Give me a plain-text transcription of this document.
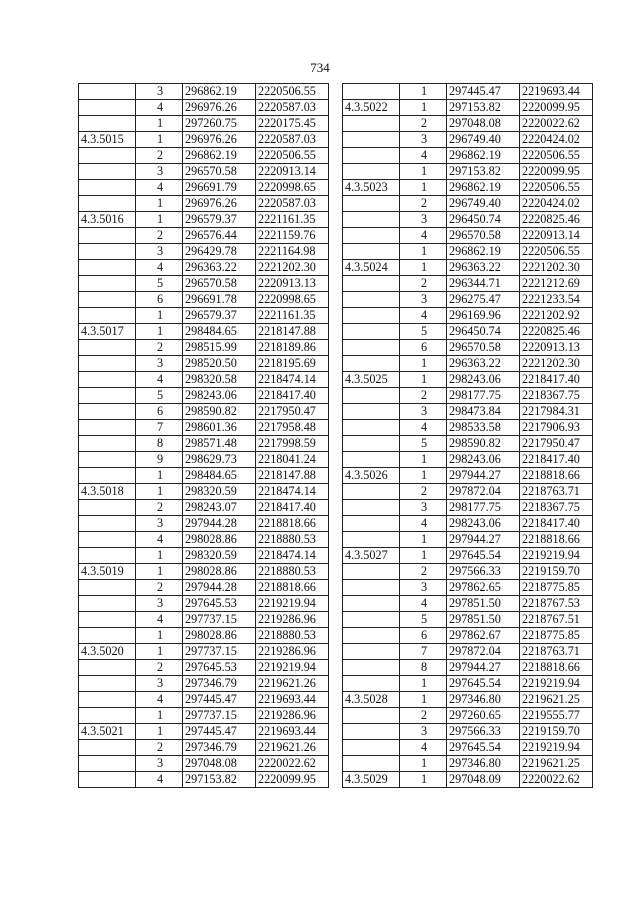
734
	3	296862.19	2220506.55
	4	296976.26	2220587.03
	1	297260.75	2220175.45
4.3.5015	1	296976.26	2220587.03
	2	296862.19	2220506.55
	3	296570.58	2220913.14
	4	296691.79	2220998.65
	1	296976.26	2220587.03
4.3.5016	1	296579.37	2221161.35
	2	296576.44	2221159.76
	3	296429.78	2221164.98
	4	296363.22	2221202.30
	5	296570.58	2220913.13
	6	296691.78	2220998.65
	1	296579.37	2221161.35
4.3.5017	1	298484.65	2218147.88
	2	298515.99	2218189.86
	3	298520.50	2218195.69
	4	298320.58	2218474.14
	5	298243.06	2218417.40
	6	298590.82	2217950.47
	7	298601.36	2217958.48
	8	298571.48	2217998.59
	9	298629.73	2218041.24
	1	298484.65	2218147.88
4.3.5018	1	298320.59	2218474.14
	2	298243.07	2218417.40
	3	297944.28	2218818.66
	4	298028.86	2218880.53
	1	298320.59	2218474.14
4.3.5019	1	298028.86	2218880.53
	2	297944.28	2218818.66
	3	297645.53	2219219.94
	4	297737.15	2219286.96
	1	298028.86	2218880.53
4.3.5020	1	297737.15	2219286.96
	2	297645.53	2219219.94
	3	297346.79	2219621.26
	4	297445.47	2219693.44
	1	297737.15	2219286.96
4.3.5021	1	297445.47	2219693.44
	2	297346.79	2219621.26
	3	297048.08	2220022.62
	4	297153.82	2220099.95
	1	297445.47	2219693.44
4.3.5022	1	297153.82	2220099.95
	2	297048.08	2220022.62
	3	296749.40	2220424.02
	4	296862.19	2220506.55
	1	297153.82	2220099.95
4.3.5023	1	296862.19	2220506.55
	2	296749.40	2220424.02
	3	296450.74	2220825.46
	4	296570.58	2220913.14
	1	296862.19	2220506.55
4.3.5024	1	296363.22	2221202.30
	2	296344.71	2221212.69
	3	296275.47	2221233.54
	4	296169.96	2221202.92
	5	296450.74	2220825.46
	6	296570.58	2220913.13
	1	296363.22	2221202.30
4.3.5025	1	298243.06	2218417.40
	2	298177.75	2218367.75
	3	298473.84	2217984.31
	4	298533.58	2217906.93
	5	298590.82	2217950.47
	1	298243.06	2218417.40
4.3.5026	1	297944.27	2218818.66
	2	297872.04	2218763.71
	3	298177.75	2218367.75
	4	298243.06	2218417.40
	1	297944.27	2218818.66
4.3.5027	1	297645.54	2219219.94
	2	297566.33	2219159.70
	3	297862.65	2218775.85
	4	297851.50	2218767.53
	5	297851.50	2218767.51
	6	297862.67	2218775.85
	7	297872.04	2218763.71
	8	297944.27	2218818.66
	1	297645.54	2219219.94
4.3.5028	1	297346.80	2219621.25
	2	297260.65	2219555.77
	3	297566.33	2219159.70
	4	297645.54	2219219.94
	1	297346.80	2219621.25
4.3.5029	1	297048.09	2220022.62
